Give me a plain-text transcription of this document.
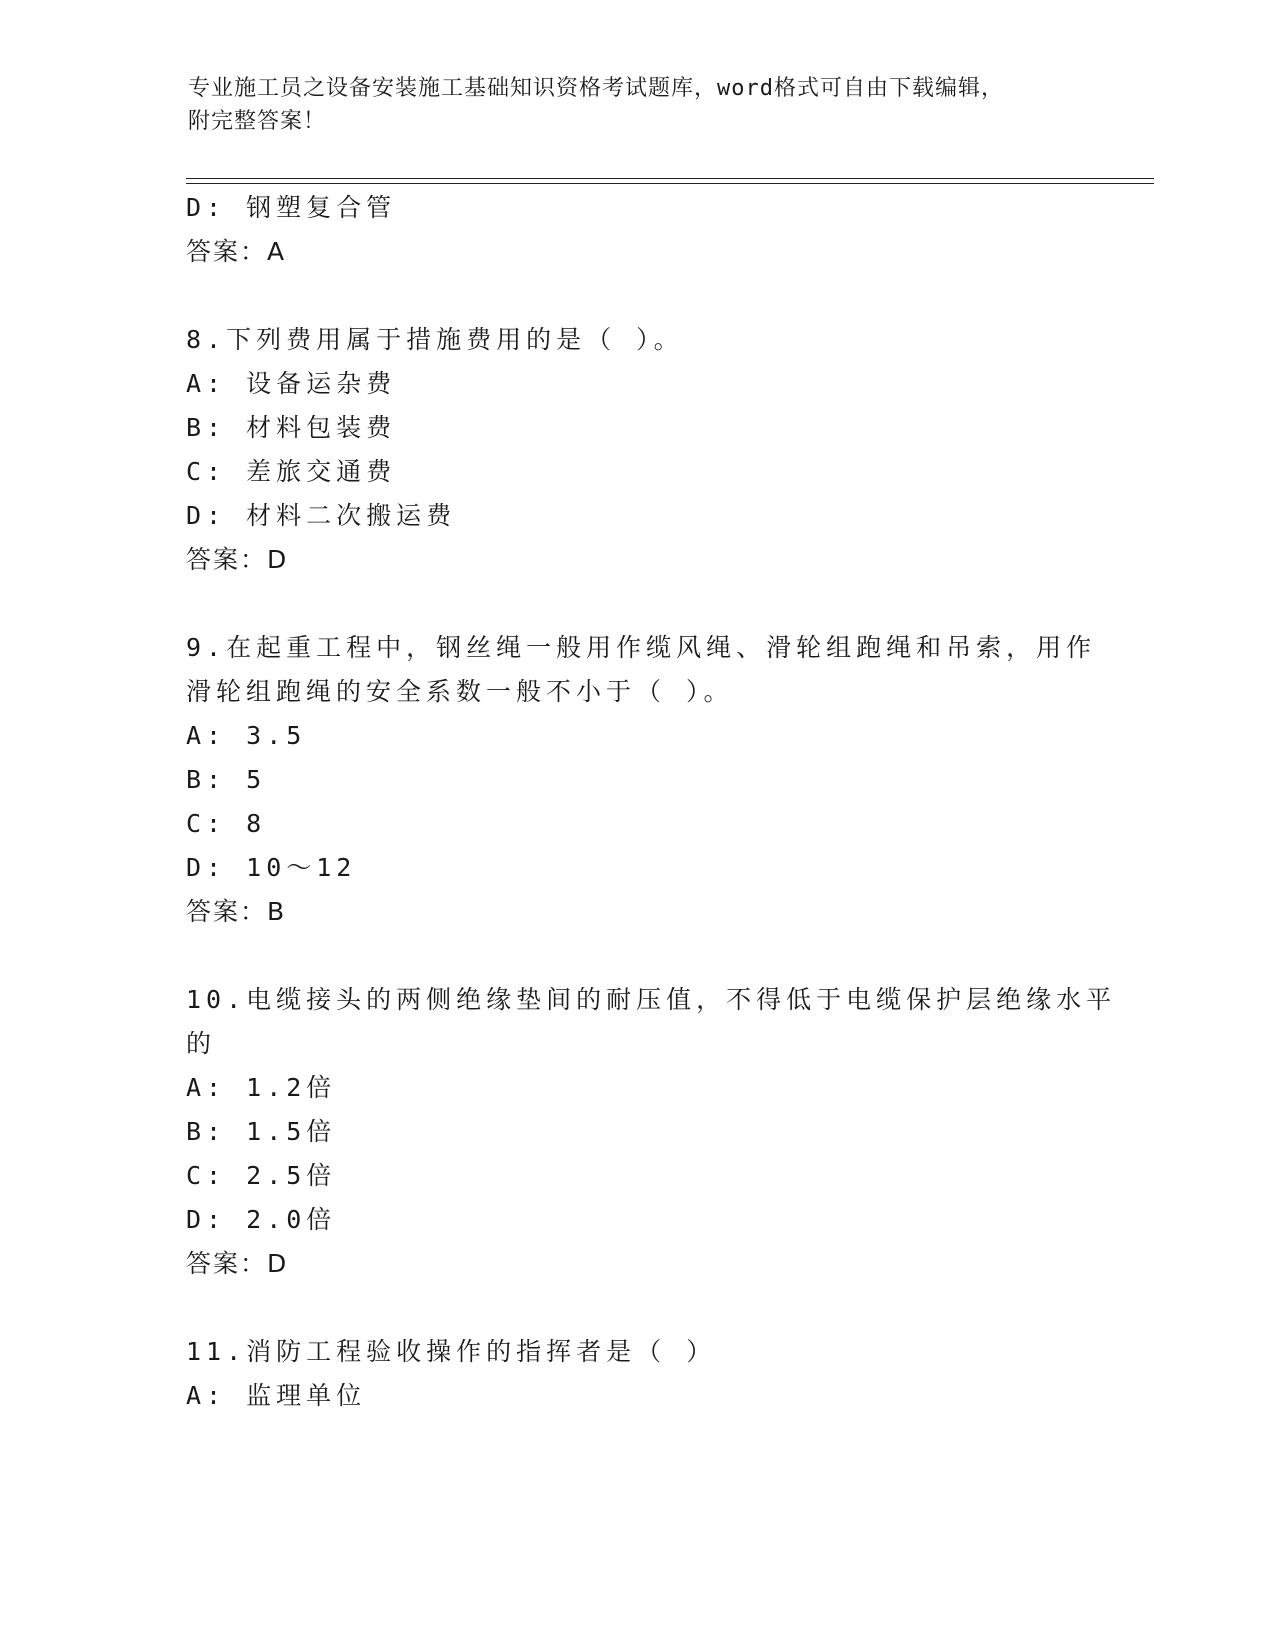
专业施工员之设备安装施工基础知识资格考试题库，word格式可自由下载编辑，
附完整答案！
D: 钢塑复合管
答案：A
8.下列费用属于措施费用的是（ ）。
A: 设备运杂费
B: 材料包装费
C: 差旅交通费
D: 材料二次搬运费
答案：D
9.在起重工程中，钢丝绳一般用作缆风绳、滑轮组跑绳和吊索，用作
滑轮组跑绳的安全系数一般不小于（ ）。
A: 3.5
B: 5
C: 8
D: 10～12
答案：B
10.电缆接头的两侧绝缘垫间的耐压值，不得低于电缆保护层绝缘水平
的
A: 1.2倍
B: 1.5倍
C: 2.5倍
D: 2.0倍
答案：D
11.消防工程验收操作的指挥者是（ ）
A: 监理单位
